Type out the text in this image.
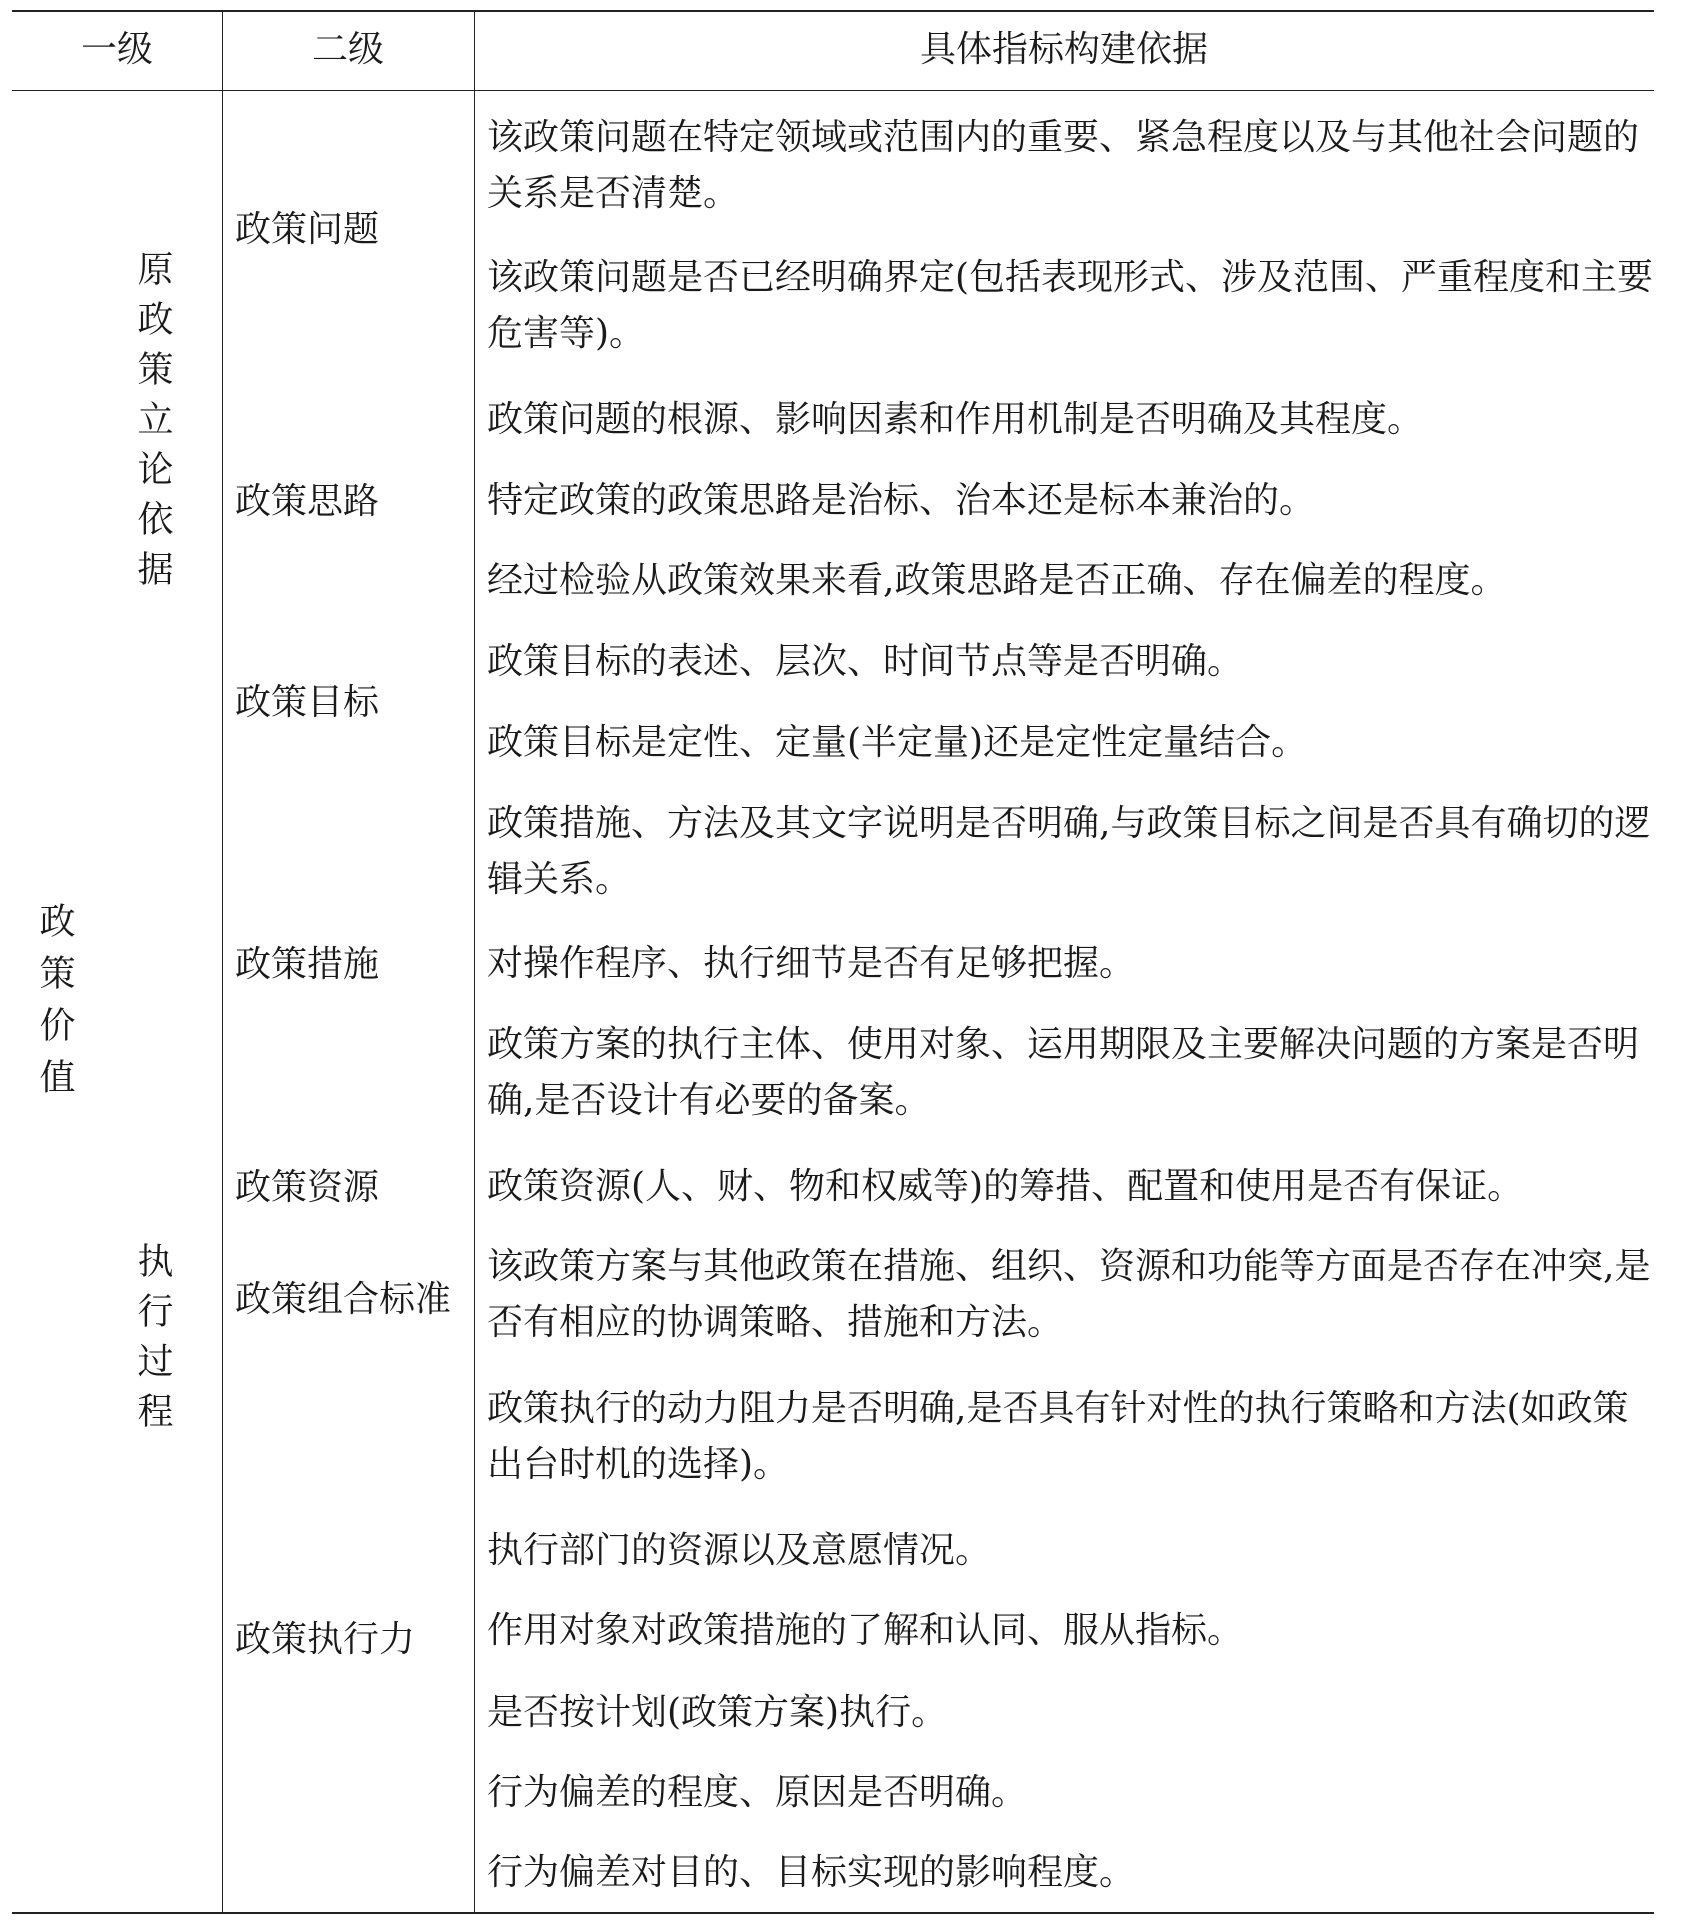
一级	二级	具体指标构建依据
政策价值
原政策立论依据
执行过程
政策问题
政策思路
政策目标
政策措施
政策资源
政策组合标准
政策执行力
该政策问题在特定领域或范围内的重要、紧急程度以及与其他社会问题的关系是否清楚。
该政策问题是否已经明确界定(包括表现形式、涉及范围、严重程度和主要危害等)。
政策问题的根源、影响因素和作用机制是否明确及其程度。
特定政策的政策思路是治标、治本还是标本兼治的。
经过检验从政策效果来看,政策思路是否正确、存在偏差的程度。
政策目标的表述、层次、时间节点等是否明确。
政策目标是定性、定量(半定量)还是定性定量结合。
政策措施、方法及其文字说明是否明确,与政策目标之间是否具有确切的逻辑关系。
对操作程序、执行细节是否有足够把握。
政策方案的执行主体、使用对象、运用期限及主要解决问题的方案是否明确,是否设计有必要的备案。
政策资源(人、财、物和权威等)的筹措、配置和使用是否有保证。
该政策方案与其他政策在措施、组织、资源和功能等方面是否存在冲突,是否有相应的协调策略、措施和方法。
政策执行的动力阻力是否明确,是否具有针对性的执行策略和方法(如政策出台时机的选择)。
执行部门的资源以及意愿情况。
作用对象对政策措施的了解和认同、服从指标。
是否按计划(政策方案)执行。
行为偏差的程度、原因是否明确。
行为偏差对目的、目标实现的影响程度。
